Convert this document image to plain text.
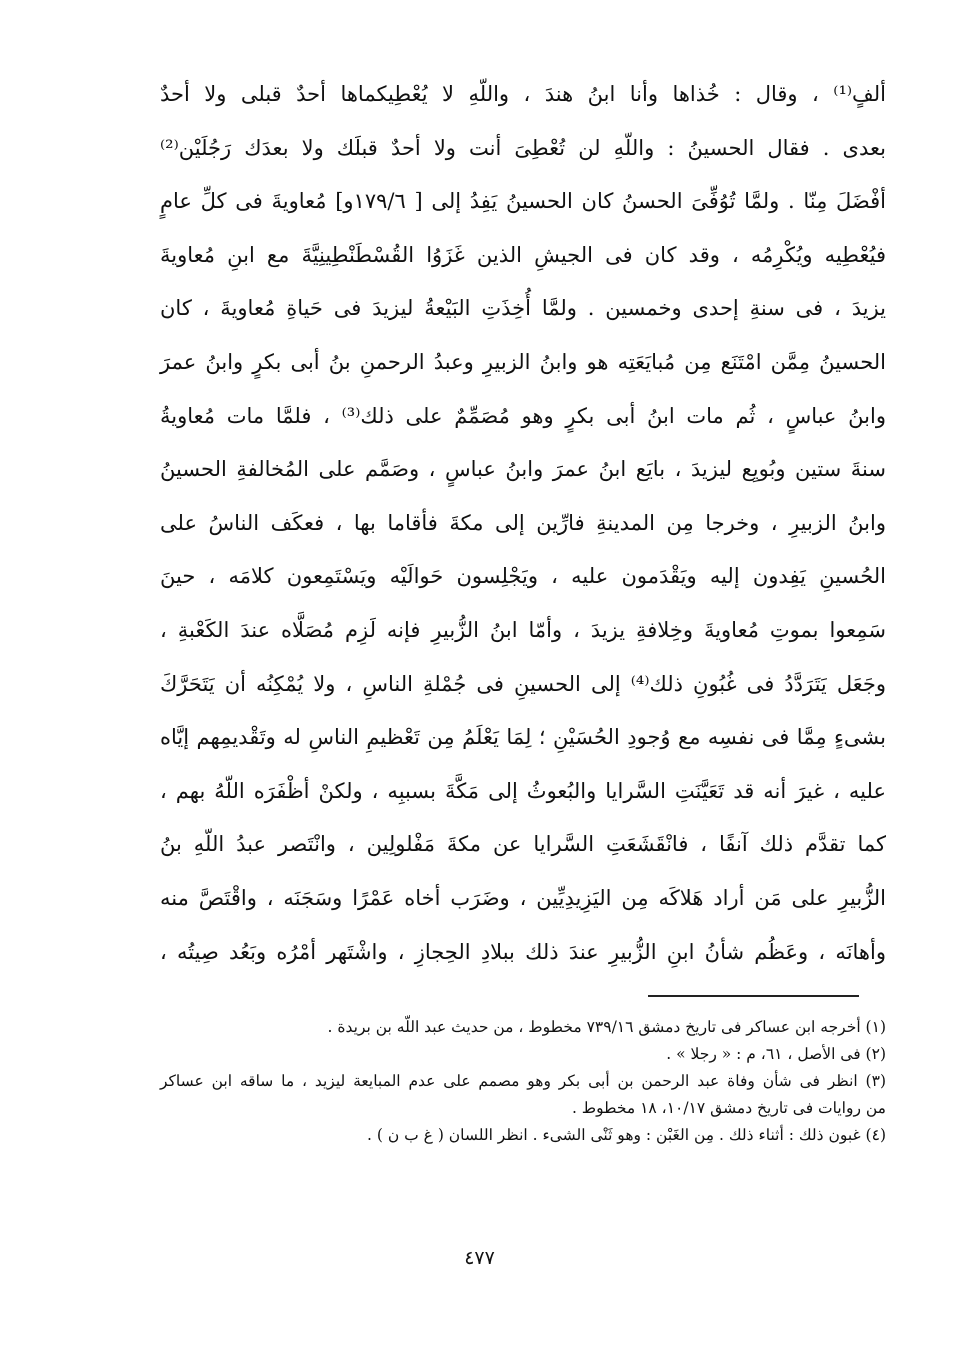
ألفٍ⁽¹⁾ ، وقال : خُذاها وأنا ابنُ هندَ ، واللّهِ لا يُعْطِيكماها أحدٌ قبلى ولا أحدٌ
بعدى . فقال الحسينُ : واللّهِ لن تُعْطِىَ أنت ولا أحدٌ قبلَك ولا بعدَك رَجُلَيْن⁽²⁾
أفْضَلَ مِنّا . ولمَّا تُوُفِّىَ الحسنُ كان الحسينُ يَفِدُ إلى [ ١٧٩/٦و] مُعاويةَ فى كلِّ عامٍ
فيُعْطِيه ويُكْرِمُه ، وقد كان فى الجيشِ الذين غَزَوُا القُسْطَنْطِينِيَّةَ مع ابنِ مُعاويةَ
يزيدَ ، فى سنةِ إحدى وخمسين . ولمَّا أُخِذَتِ البَيْعةُ ليزيدَ فى حَياةِ مُعاويةَ ، كان
الحسينُ مِمَّن امْتَنَع مِن مُبايَعَتِه هو وابنُ الزبيرِ وعبدُ الرحمنِ بنُ أبى بكرٍ وابنُ عمرَ
وابنُ عباسٍ ، ثُم مات ابنُ أبى بكرٍ وهو مُصَمِّمٌ على ذلك⁽³⁾ ، فلمَّا مات مُعاويةُ
سنةَ ستين وبُويِع ليزيدَ ، بايَع ابنُ عمرَ وابنُ عباسٍ ، وصَمَّم على المُخالفةِ الحسينُ
وابنُ الزبيرِ ، وخرجا مِن المدينةِ فارِّين إلى مكةَ فأقاما بها ، فعكَف الناسُ على
الحُسينِ يَفِدون إليه ويَقْدَمون عليه ، ويَجْلِسون حَوالَيْه ويَسْتَمِعون كلامَه ، حينَ
سَمِعوا بموتِ مُعاويةَ وخِلافةِ يزيدَ ، وأمّا ابنُ الزُّبيرِ فإنه لَزِم مُصَلَّاه عندَ الكَعْبةِ ،
وجَعَل يَتَرَدَّدُ فى غُبُونِ ذلك⁽⁴⁾ إلى الحسينِ فى جُمْلةِ الناسِ ، ولا يُمْكِنُه أن يَتَحَرَّكَ
بشىءٍ مِمَّا فى نفسِه مع وُجودِ الحُسَيْنِ ؛ لِمَا يَعْلَمُ مِن تَعْظيمِ الناسِ له وتَقْديمِهم إيَّاه
عليه ، غيرَ أنه قد تَعَيَّنَتِ السَّرايا والبُعوثُ إلى مَكَّةَ بسببِه ، ولكنْ أظْفَرَه اللّهُ بهم ،
كما تقدَّم ذلك آنفًا ، فانْقَشَعَتِ السَّرايا عن مكةَ مَفْلولِين ، وانْتَصر عبدُ اللّهِ بنُ
الزُّبيرِ على مَن أراد هَلاكَه مِن اليَزِيدِيِّين ، وضَرَب أخاه عَمْرًا وسَجَنَه ، واقْتَصَّ منه
وأهانَه ، وعَظُم شأنُ ابنِ الزُّبيرِ عندَ ذلك ببلادِ الحِجازِ ، واشْتَهر أمْرُه وبَعُد صِيتُه ،
(١) أخرجه ابن عساكر فى تاريخ دمشق ٧٣٩/١٦ مخطوط ، من حديث عبد اللّه بن بريدة .
(٢) فى الأصل ، ٦١، م : « رجلا » .
(٣) انظر فى شأن وفاة عبد الرحمن بن أبى بكر وهو مصمم على عدم المبايعة ليزيد ، ما ساقه ابن عساكر
من روايات فى تاريخ دمشق ١٠/١٧، ١٨ مخطوط .
(٤) غبون ذلك : أثناء ذلك . مِن الغَبْن : وهو ثَنْى الشىء . انظر اللسان ( غ ب ن ) .
٤٧٧
